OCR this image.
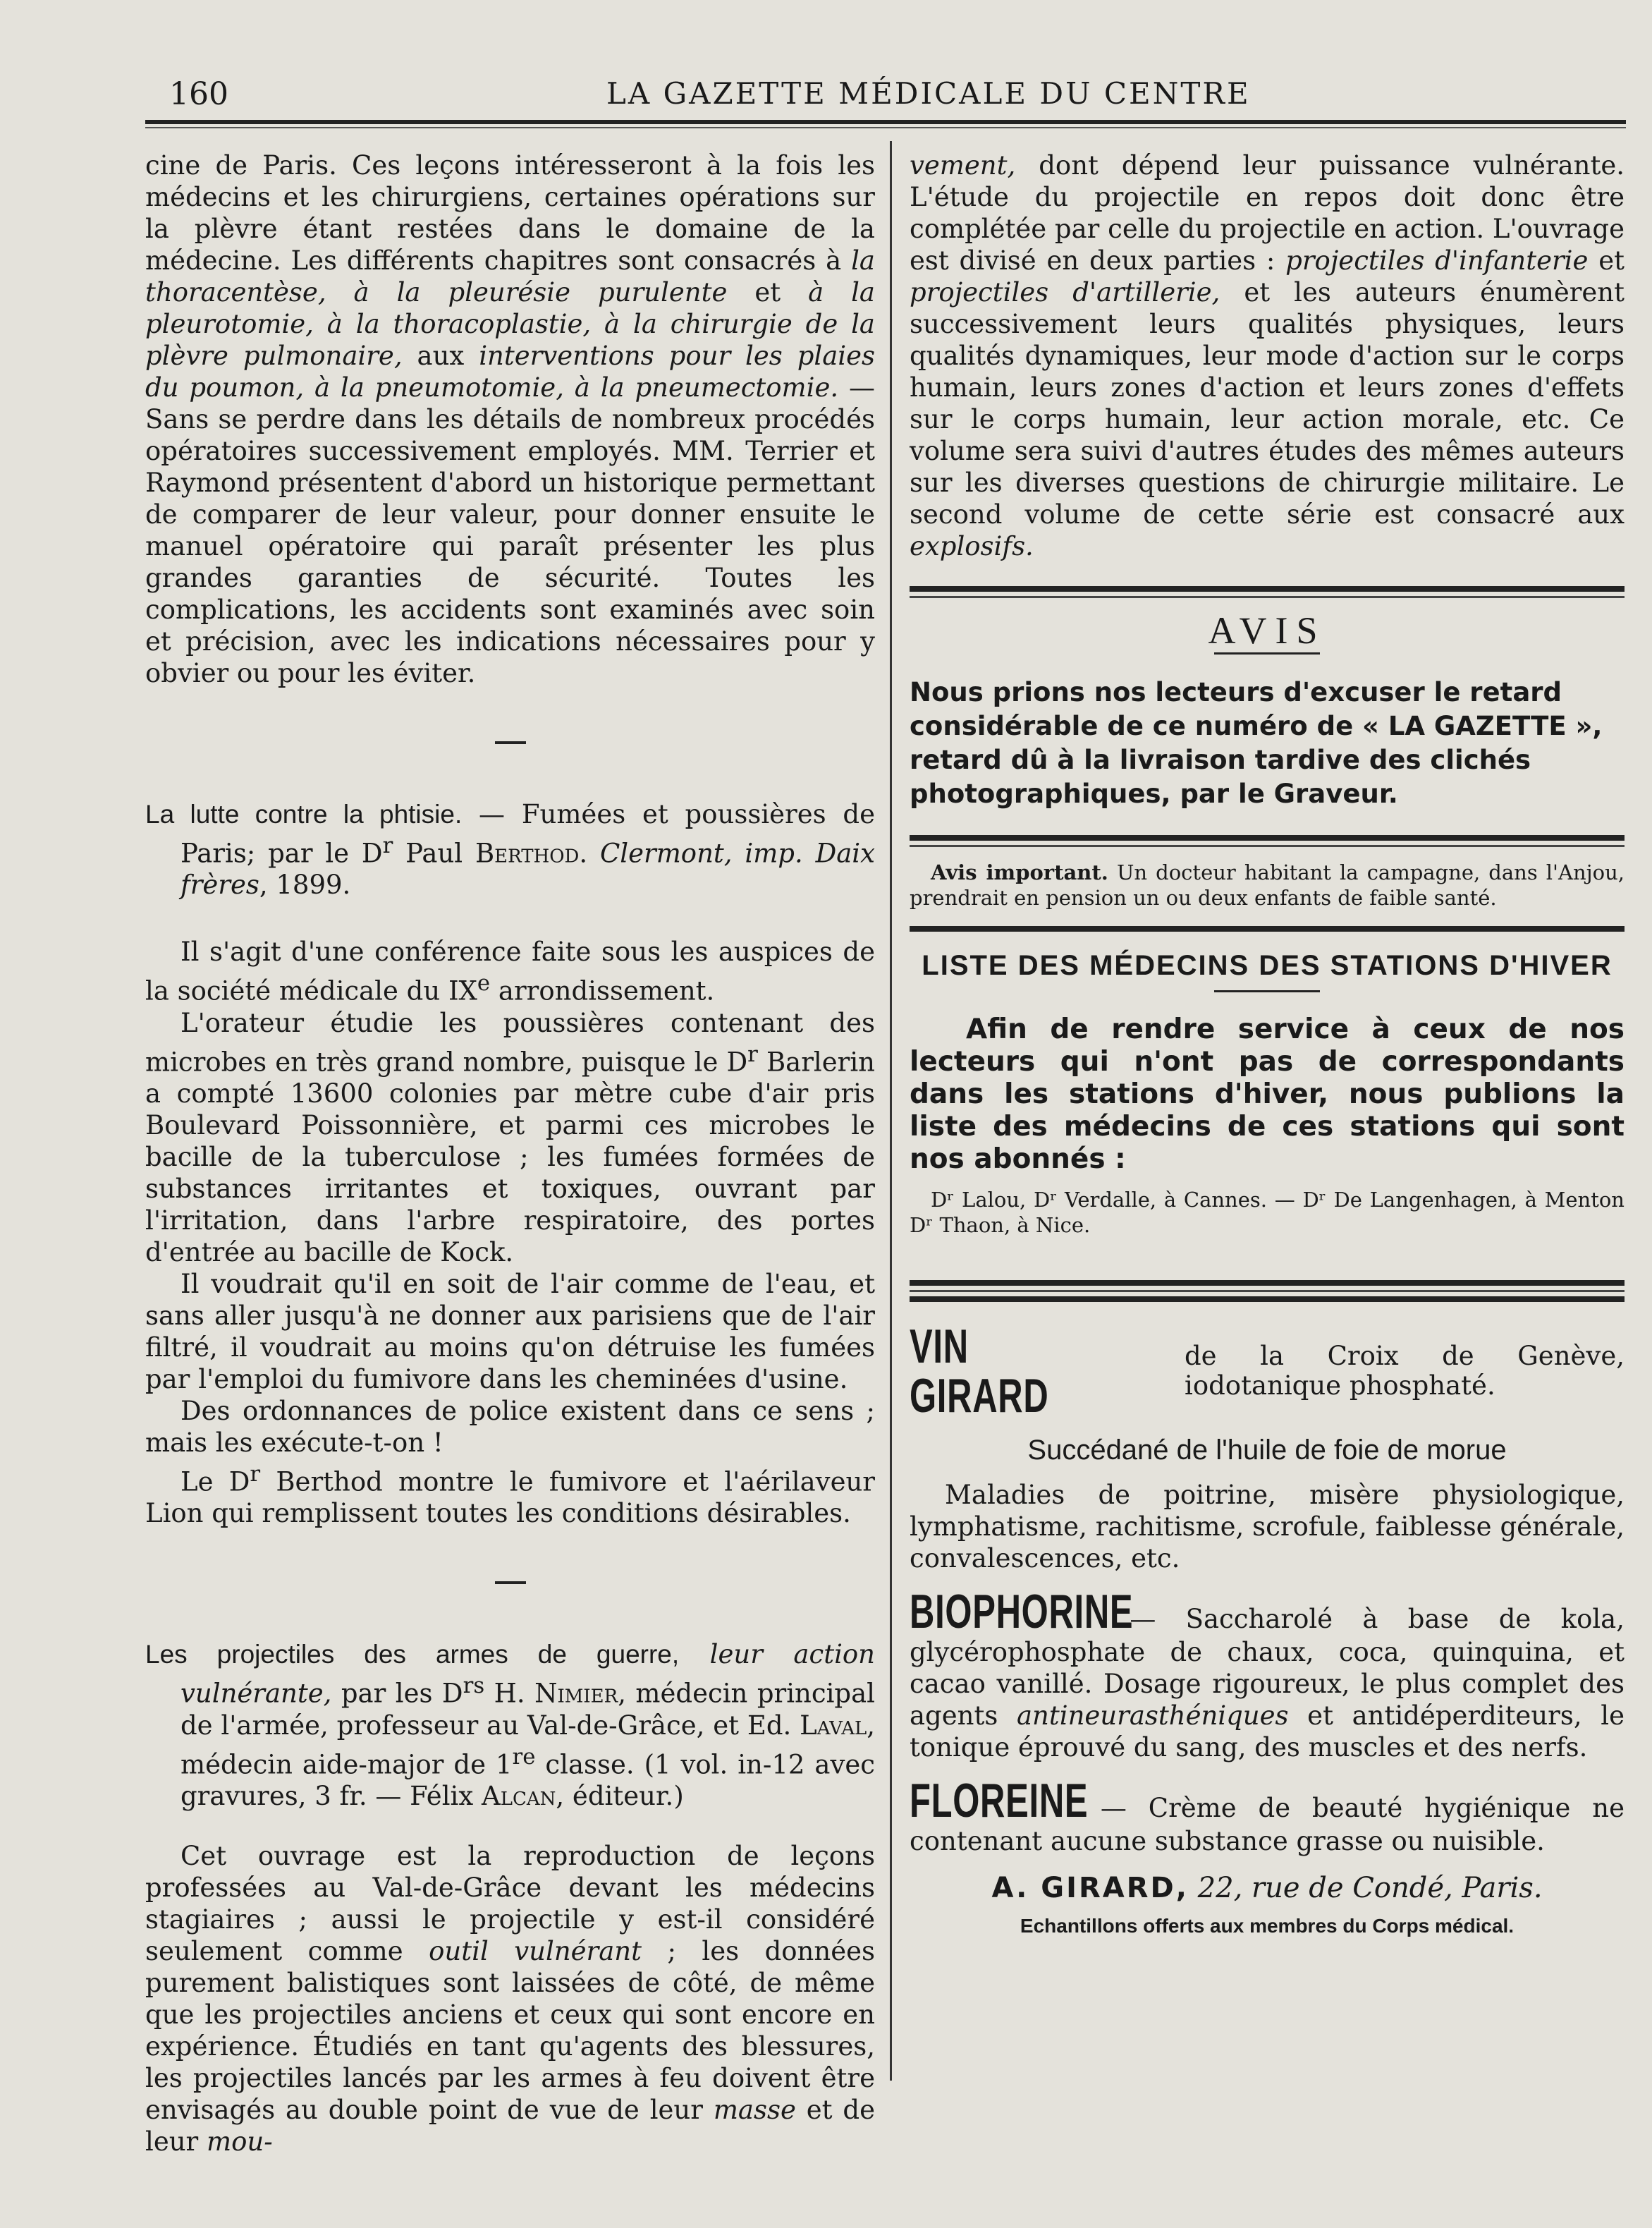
160	LA GAZETTE MÉDICALE DU CENTRE

cine de Paris. Ces leçons intéresseront à la fois les médecins et les chirurgiens, certaines opérations sur la plèvre étant restées dans le domaine de la médecine. Les différents chapitres sont consacrés à la thoracentèse, à la pleurésie purulente et à la pleurotomie, à la thoracoplastie, à la chirurgie de la plèvre pulmonaire, aux interventions pour les plaies du poumon, à la pneumotomie, à la pneumectomie. — Sans se perdre dans les détails de nombreux procédés opératoires successivement employés. MM. Terrier et Raymond présentent d'abord un historique permettant de comparer de leur valeur, pour donner ensuite le manuel opératoire qui paraît présenter les plus grandes garanties de sécurité. Toutes les complications, les accidents sont examinés avec soin et précision, avec les indications nécessaires pour y obvier ou pour les éviter.

La lutte contre la phtisie. — Fumées et poussières de Paris; par le $D^r$ Paul Berthod. Clermont, imp. Daix frères, 1899.

Il s'agit d'une conférence faite sous les auspices de la société médicale du IXe arrondissement.

L'orateur étudie les poussières contenant des microbes en très grand nombre, puisque le $D^r$ Barlerin a compté 13600 colonies par mètre cube d'air pris Boulevard Poissonnière, et parmi ces microbes le bacille de la tuberculose ; les fumées formées de substances irritantes et toxiques, ouvrant par l'irritation, dans l'arbre respiratoire, des portes d'entrée au bacille de Kock.

Il voudrait qu'il en soit de l'air comme de l'eau, et sans aller jusqu'à ne donner aux parisiens que de l'air filtré, il voudrait au moins qu'on détruise les fumées par l'emploi du fumivore dans les cheminées d'usine.

Des ordonnances de police existent dans ce sens ; mais les exécute-t-on !

Le $D^r$ Berthod montre le fumivore et l'aérilaveur Lion qui remplissent toutes les conditions désirables.

Les projectiles des armes de guerre, leur action vulnérante, par les $D^{rs}$ H. Nimier, médecin principal de l'armée, professeur au Val-de-Grâce, et Ed. Laval, médecin aide-major de 1re classe. (1 vol. in-12 avec gravures, 3 fr. — Félix Alcan, éditeur.)

Cet ouvrage est la reproduction de leçons professées au Val-de-Grâce devant les médecins stagiaires ; aussi le projectile y est-il considéré seulement comme outil vulnérant ; les données purement balistiques sont laissées de côté, de même que les projectiles anciens et ceux qui sont encore en expérience. Étudiés en tant qu'agents des blessures, les projectiles lancés par les armes à feu doivent être envisagés au double point de vue de leur masse et de leur mou-

vement, dont dépend leur puissance vulnérante. L'étude du projectile en repos doit donc être complétée par celle du projectile en action. L'ouvrage est divisé en deux parties : projectiles d'infanterie et projectiles d'artillerie, et les auteurs énumèrent successivement leurs qualités physiques, leurs qualités dynamiques, leur mode d'action sur le corps humain, leurs zones d'action et leurs zones d'effets sur le corps humain, leur action morale, etc. Ce volume sera suivi d'autres études des mêmes auteurs sur les diverses questions de chirurgie militaire. Le second volume de cette série est consacré aux explosifs.

AVIS

Nous prions nos lecteurs d'excuser le retard considérable de ce numéro de « LA GAZETTE », retard dû à la livraison tardive des clichés photographiques, par le Graveur.

Avis important. Un docteur habitant la campagne, dans l'Anjou, prendrait en pension un ou deux enfants de faible santé.

LISTE DES MÉDECINS DES STATIONS D'HIVER

Afin de rendre service à ceux de nos lecteurs qui n'ont pas de correspondants dans les stations d'hiver, nous publions la liste des médecins de ces stations qui sont nos abonnés :

Dʳ Lalou, Dʳ Verdalle, à Cannes. — Dʳ De Langenhagen, à Menton Dʳ Thaon, à Nice.

VIN GIRARD
de la Croix de Genève, iodotanique phosphaté.
Succédané de l'huile de foie de morue

Maladies de poitrine, misère physiologique, lymphatisme, rachitisme, scrofule, faiblesse générale, convalescences, etc.

BIOPHORINE — Saccharolé à base de kola, glycérophosphate de chaux, coca, quinquina, et cacao vanillé. Dosage rigoureux, le plus complet des agents antineurasthéniques et antidéperditeurs, le tonique éprouvé du sang, des muscles et des nerfs.

FLOREINE — Crème de beauté hygiénique ne contenant aucune substance grasse ou nuisible.

A. GIRARD, 22, rue de Condé, Paris.

Echantillons offerts aux membres du Corps médical.
